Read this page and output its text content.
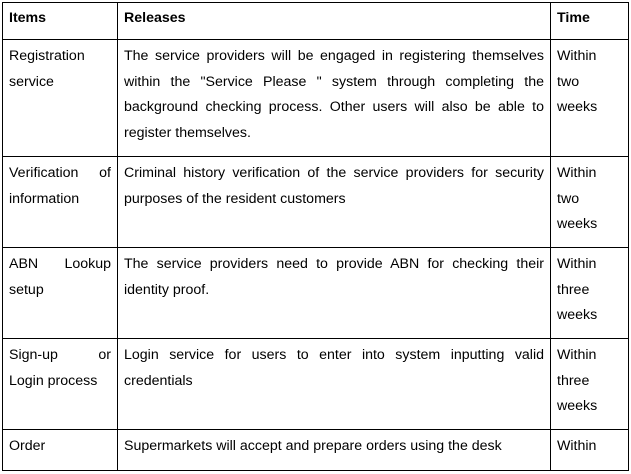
Items	Releases	Time
Registration service	The service providers will be engaged in registering themselves within the "Service Please " system through completing the background checking process. Other users will also be able to register themselves.	Within two weeks
Verification of information	Criminal history verification of the service providers for security purposes of the resident customers	Within two weeks
ABN Lookup setup	The service providers need to provide ABN for checking their identity proof.	Within three weeks
Sign-up or Login process	Login service for users to enter into system inputting valid credentials	Within three weeks
Order	Supermarkets will accept and prepare orders using the desk	Within
